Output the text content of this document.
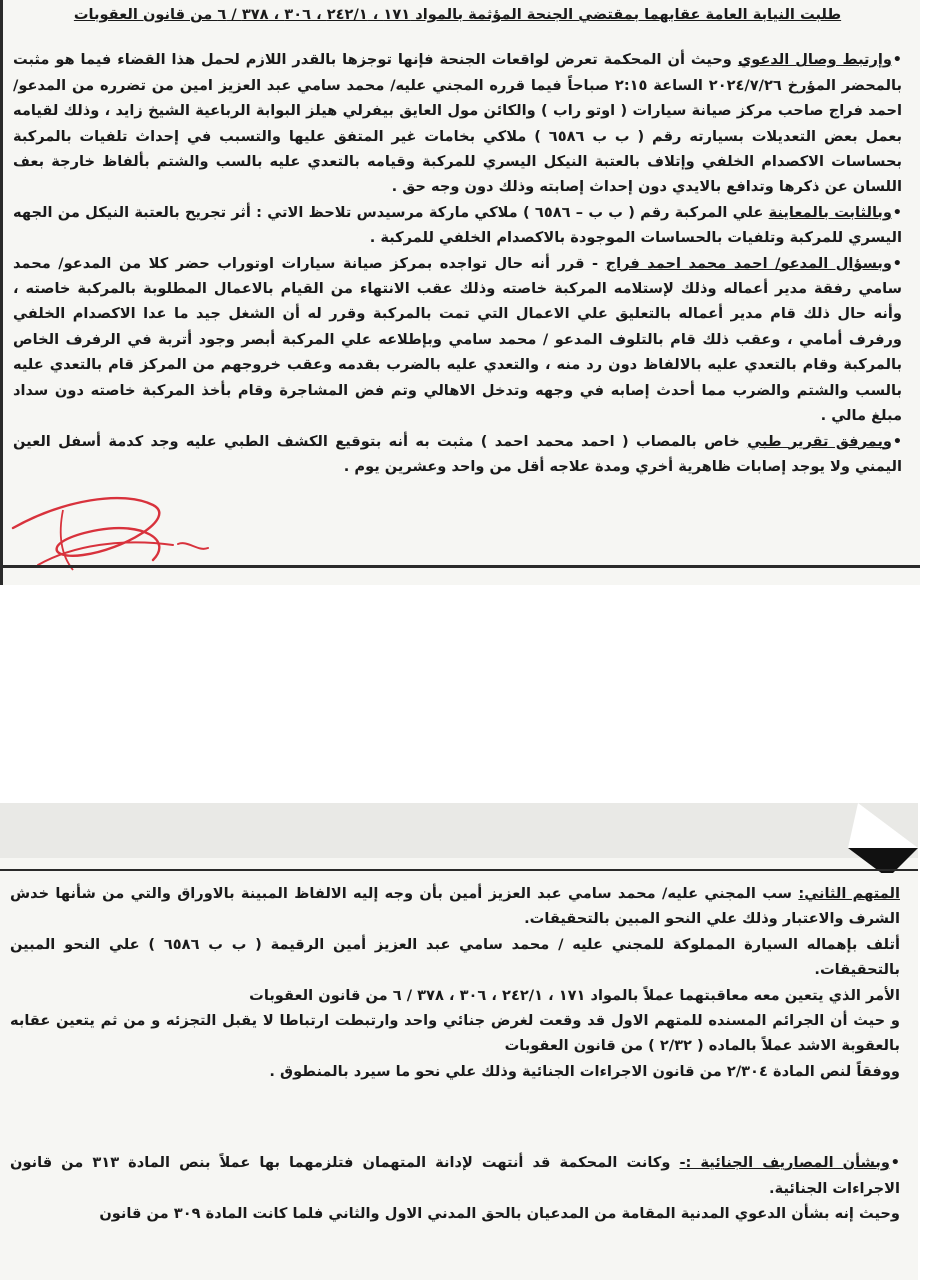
طلبت النيابة العامة عقابهما بمقتضي الجنحة المؤثمة بالمواد ١٧١ ، ٢٤٢/١ ، ٣٠٦ ، ٣٧٨ / ٦ من قانون العقوبات

•وإرتبط وصال الدعوي وحيث أن المحكمة تعرض لواقعات الجنحة فإنها توجزها بالقدر اللازم لحمل هذا القضاء فيما هو مثبت بالمحضر المؤرخ ٢٠٢٤/٧/٢٦ الساعة ٢:١٥ صباحاً فيما قرره المجني عليه/ محمد سامي عبد العزيز امين من تضرره من المدعو/ احمد فراج صاحب مركز صيانة سيارات ( اوتو راب ) والكائن مول العايق بيفرلي هيلز البوابة الرباعية الشيخ زايد ، وذلك لقيامه بعمل بعض التعديلات بسيارته رقم ( ب ب ٦٥٨٦ ) ملاكي بخامات غير المتفق عليها والتسبب في إحداث تلفيات بالمركبة بحساسات الاكصدام الخلفي وإتلاف بالعتبة النيكل اليسري للمركبة وقيامه بالتعدي عليه بالسب والشتم بألفاظ خارجة بعف اللسان عن ذكرها وتدافع بالايدي دون إحداث إصابته وذلك دون وجه حق .

•وبالثابت بالمعاينة علي المركبة رقم ( ب ب – ٦٥٨٦ ) ملاكي ماركة مرسيدس تلاحظ الاتي : أثر تجريح بالعتبة النيكل من الجهه اليسري للمركبة وتلفيات بالحساسات الموجودة بالاكصدام الخلفي للمركبة .

•وبسؤال المدعو/ احمد محمد احمد فراج - قرر أنه حال تواجده بمركز صيانة سيارات اوتوراب حضر كلا من المدعو/ محمد سامي رفقة مدير أعماله وذلك لإستلامه المركبة خاصته وذلك عقب الانتهاء من القيام بالاعمال المطلوبة بالمركبة خاصته ، وأنه حال ذلك قام مدير أعماله بالتعليق علي الاعمال التي تمت بالمركبة وقرر له أن الشغل جيد ما عدا الاكصدام الخلفي ورفرف أمامي ، وعقب ذلك قام بالتلوف المدعو / محمد سامي وبإطلاعه علي المركبة أبصر وجود أتربة في الرفرف الخاص بالمركبة وقام بالتعدي عليه بالالفاظ دون رد منه ، والتعدي عليه بالضرب بقدمه وعقب خروجهم من المركز قام بالتعدي عليه بالسب والشتم والضرب مما أحدث إصابه في وجهه وتدخل الاهالي وتم فض المشاجرة وقام بأخذ المركبة خاصته دون سداد مبلغ مالي .

•وبمرفق تقرير طبي خاص بالمصاب ( احمد محمد احمد ) مثبت به أنه بتوقيع الكشف الطبي عليه وجد كدمة أسفل العين اليمني ولا يوجد إصابات ظاهرية أخري ومدة علاجه أقل من واحد وعشرين يوم .

المتهم الثاني: سب المجني عليه/ محمد سامي عبد العزيز أمين بأن وجه إليه الالفاظ المبينة بالاوراق والتي من شأنها خدش الشرف والاعتبار وذلك علي النحو المبين بالتحقيقات.

أتلف بإهماله السيارة المملوكة للمجني عليه / محمد سامي عبد العزيز أمين الرقيمة ( ب ب ٦٥٨٦ ) علي النحو المبين بالتحقيقات.

الأمر الذي يتعين معه معاقبتهما عملاً بالمواد ١٧١ ، ٢٤٢/١ ، ٣٠٦ ، ٣٧٨ / ٦ من قانون العقوبات

و حيث أن الجرائم المسنده للمتهم الاول قد وقعت لغرض جنائي واحد وارتبطت ارتباطا لا يقبل التجزئه و من ثم يتعين عقابه بالعقوبة الاشد عملاً بالماده ( ٢/٣٢ ) من قانون العقوبات

ووفقاً لنص المادة ٢/٣٠٤ من قانون الاجراءات الجنائية وذلك علي نحو ما سيرد بالمنطوق .

•وبشأن المصاريف الجنائية :- وكانت المحكمة قد أنتهت لإدانة المتهمان فتلزمهما بها عملاً بنص المادة ٣١٣ من قانون الاجراءات الجنائية.

وحيث إنه بشأن الدعوي المدنية المقامة من المدعيان بالحق المدني الاول والثاني فلما كانت المادة ٣٠٩ من قانون
